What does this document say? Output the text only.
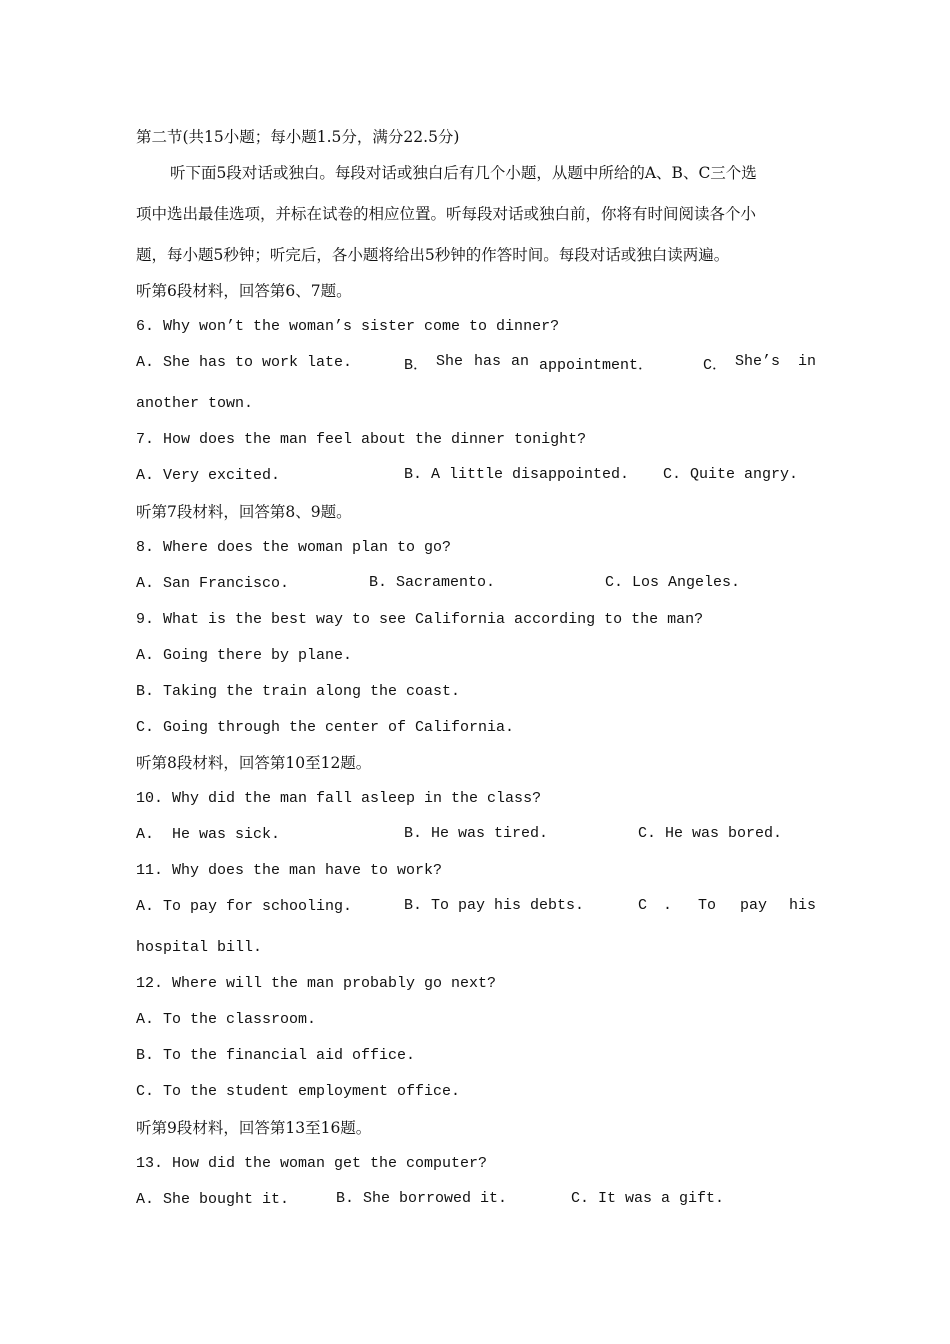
第二节(共15小题；每小题1.5分，满分22.5分)
听下面5段对话或独白。每段对话或独白后有几个小题，从题中所给的A、B、C三个选
项中选出最佳选项，并标在试卷的相应位置。听每段对话或独白前，你将有时间阅读各个小
题，每小题5秒钟；听完后，各小题将给出5秒钟的作答时间。每段对话或独白读两遍。
听第6段材料，回答第6、7题。
6. Why won’t the woman’s sister come to dinner?
A. She has to work late.	B． She has an appointment．	C． She’s in
another town.
7. How does the man feel about the dinner tonight?
A. Very excited.	B. A little disappointed. C. Quite angry.
听第7段材料，回答第8、9题。
8. Where does the woman plan to go?
A. San Francisco.	B. Sacramento.	C. Los Angeles.
9. What is the best way to see California according to the man?
A. Going there by plane.
B. Taking the train along the coast.
C. Going through the center of California.
听第8段材料，回答第10至12题。
10. Why did the man fall asleep in the class?
A.  He was sick.	B. He was tired.	C. He was bored.
11. Why does the man have to work?
A. To pay for schooling.	B. To pay his debts.	C . To pay his
hospital bill.
12. Where will the man probably go next?
A. To the classroom.
B. To the financial aid office.
C. To the student employment office.
听第9段材料，回答第13至16题。
13. How did the woman get the computer?
A. She bought it.	B. She borrowed it.	C. It was a gift.
